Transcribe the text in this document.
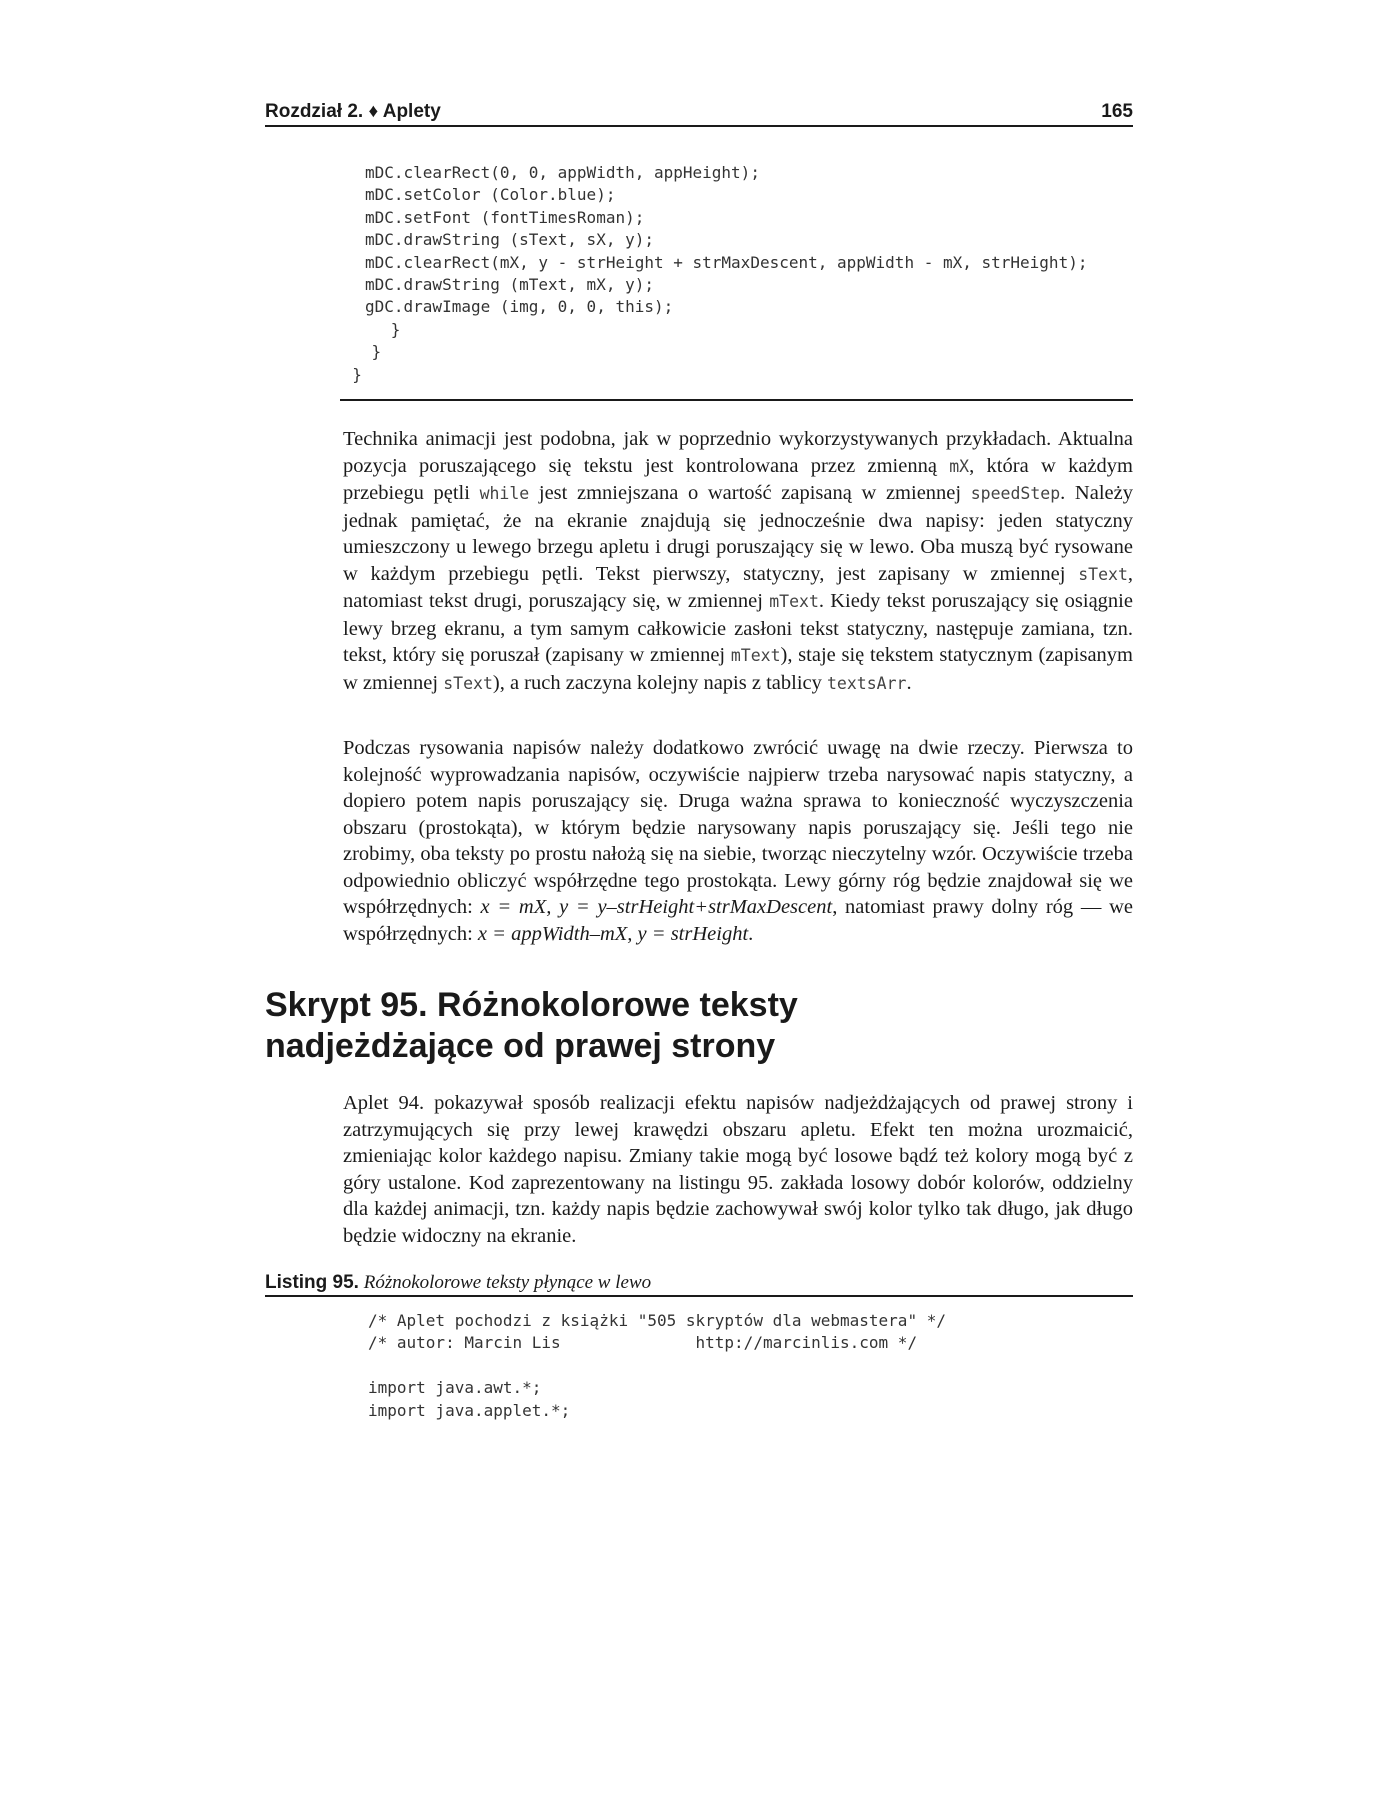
Rozdział 2. ♦ Aplety	165
mDC.clearRect(0, 0, appWidth, appHeight);
mDC.setColor (Color.blue);
mDC.setFont (fontTimesRoman);
mDC.drawString (sText, sX, y);
mDC.clearRect(mX, y - strHeight + strMaxDescent, appWidth - mX, strHeight);
mDC.drawString (mText, mX, y);
gDC.drawImage (img, 0, 0, this);
}
}
}

Technika animacji jest podobna, jak w poprzednio wykorzystywanych przykładach. Aktualna pozycja poruszającego się tekstu jest kontrolowana przez zmienną mX, która w każdym przebiegu pętli while jest zmniejszana o wartość zapisaną w zmiennej speedStep. Należy jednak pamiętać, że na ekranie znajdują się jednocześnie dwa napisy: jeden statyczny umieszczony u lewego brzegu apletu i drugi poruszający się w lewo. Oba muszą być rysowane w każdym przebiegu pętli. Tekst pierwszy, statyczny, jest zapisany w zmiennej sText, natomiast tekst drugi, poruszający się, w zmiennej mText. Kiedy tekst poruszający się osiągnie lewy brzeg ekranu, a tym samym całkowicie zasłoni tekst statyczny, następuje zamiana, tzn. tekst, który się poruszał (zapisany w zmiennej mText), staje się tekstem statycznym (zapisanym w zmiennej sText), a ruch zaczyna kolejny napis z tablicy textsArr.

Podczas rysowania napisów należy dodatkowo zwrócić uwagę na dwie rzeczy. Pierwsza to kolejność wyprowadzania napisów, oczywiście najpierw trzeba narysować napis statyczny, a dopiero potem napis poruszający się. Druga ważna sprawa to konieczność wyczyszczenia obszaru (prostokąta), w którym będzie narysowany napis poruszający się. Jeśli tego nie zrobimy, oba teksty po prostu nałożą się na siebie, tworząc nieczytelny wzór. Oczywiście trzeba odpowiednio obliczyć współrzędne tego prostokąta. Lewy górny róg będzie znajdował się we współrzędnych: x = mX, y = y–strHeight+strMaxDescent, natomiast prawy dolny róg — we współrzędnych: x = appWidth–mX, y = strHeight.

Skrypt 95. Różnokolorowe teksty
nadjeżdżające od prawej strony

Aplet 94. pokazywał sposób realizacji efektu napisów nadjeżdżających od prawej strony i zatrzymujących się przy lewej krawędzi obszaru apletu. Efekt ten można urozmaicić, zmieniając kolor każdego napisu. Zmiany takie mogą być losowe bądź też kolory mogą być z góry ustalone. Kod zaprezentowany na listingu 95. zakłada losowy dobór kolorów, oddzielny dla każdej animacji, tzn. każdy napis będzie zachowywał swój kolor tylko tak długo, jak długo będzie widoczny na ekranie.

Listing 95. Różnokolorowe teksty płynące w lewo
/* Aplet pochodzi z książki "505 skryptów dla webmastera" */
/* autor: Marcin Lis              http://marcinlis.com */

import java.awt.*;
import java.applet.*;
